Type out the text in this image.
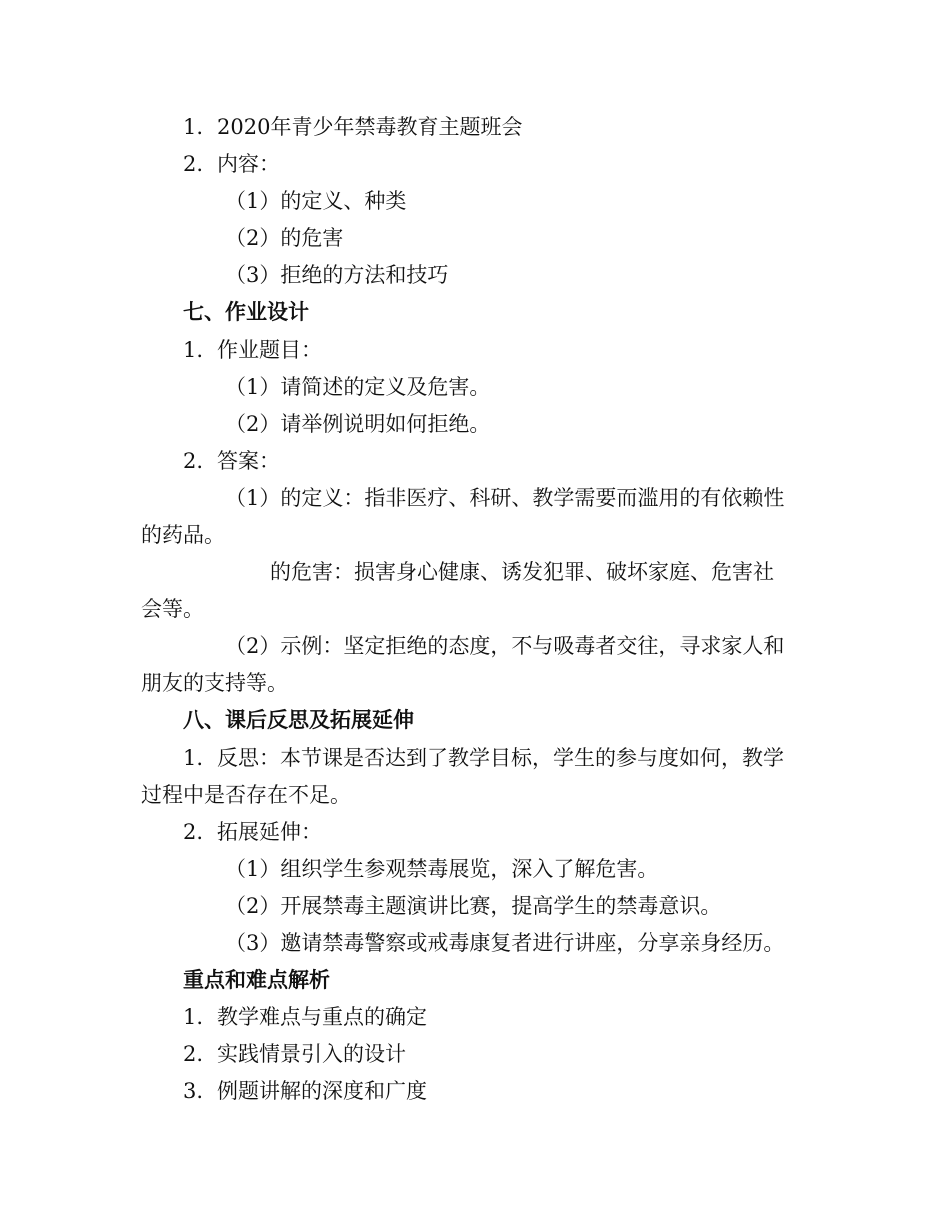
1. 2020年青少年禁毒教育主题班会
2. 内容：
（1）的定义、种类
（2）的危害
（3）拒绝的方法和技巧
七、作业设计
1. 作业题目：
（1）请简述的定义及危害。
（2）请举例说明如何拒绝。
2. 答案：
（1）的定义：指非医疗、科研、教学需要而滥用的有依赖性
的药品。
的危害：损害身心健康、诱发犯罪、破坏家庭、危害社
会等。
（2）示例：坚定拒绝的态度，不与吸毒者交往，寻求家人和
朋友的支持等。
八、课后反思及拓展延伸
1. 反思：本节课是否达到了教学目标，学生的参与度如何，教学
过程中是否存在不足。
2. 拓展延伸：
（1）组织学生参观禁毒展览，深入了解危害。
（2）开展禁毒主题演讲比赛，提高学生的禁毒意识。
（3）邀请禁毒警察或戒毒康复者进行讲座，分享亲身经历。
重点和难点解析
1. 教学难点与重点的确定
2. 实践情景引入的设计
3. 例题讲解的深度和广度
